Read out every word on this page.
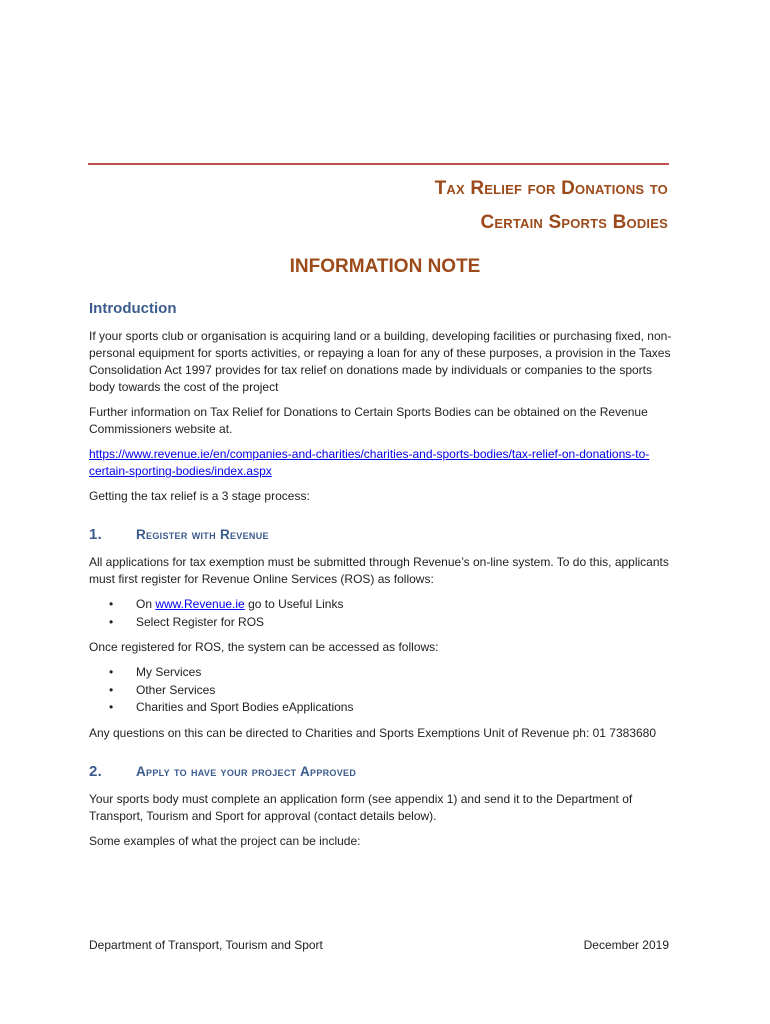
Tax Relief for Donations to
Certain Sports Bodies
INFORMATION NOTE
Introduction

If your sports club or organisation is acquiring land or a building, developing facilities or purchasing fixed, non-personal equipment for sports activities, or repaying a loan for any of these purposes, a provision in the Taxes Consolidation Act 1997 provides for tax relief on donations made by individuals or companies to the sports body towards the cost of the project

Further information on Tax Relief for Donations to Certain Sports Bodies can be obtained on the Revenue Commissioners website at.

https://www.revenue.ie/en/companies-and-charities/charities-and-sports-bodies/tax-relief-on-donations-to-certain-sporting-bodies/index.aspx

Getting the tax relief is a 3 stage process:

1.	Register with Revenue

All applications for tax exemption must be submitted through Revenue’s on-line system. To do this, applicants must first register for Revenue Online Services (ROS) as follows:

• On www.Revenue.ie go to Useful Links
• Select Register for ROS

Once registered for ROS, the system can be accessed as follows:

• My Services
• Other Services
• Charities and Sport Bodies eApplications

Any questions on this can be directed to Charities and Sports Exemptions Unit of Revenue ph: 01 7383680

2.	Apply to have your project Approved

Your sports body must complete an application form (see appendix 1) and send it to the Department of Transport, Tourism and Sport for approval (contact details below).

Some examples of what the project can be include:

Department of Transport, Tourism and Sport	December 2019
